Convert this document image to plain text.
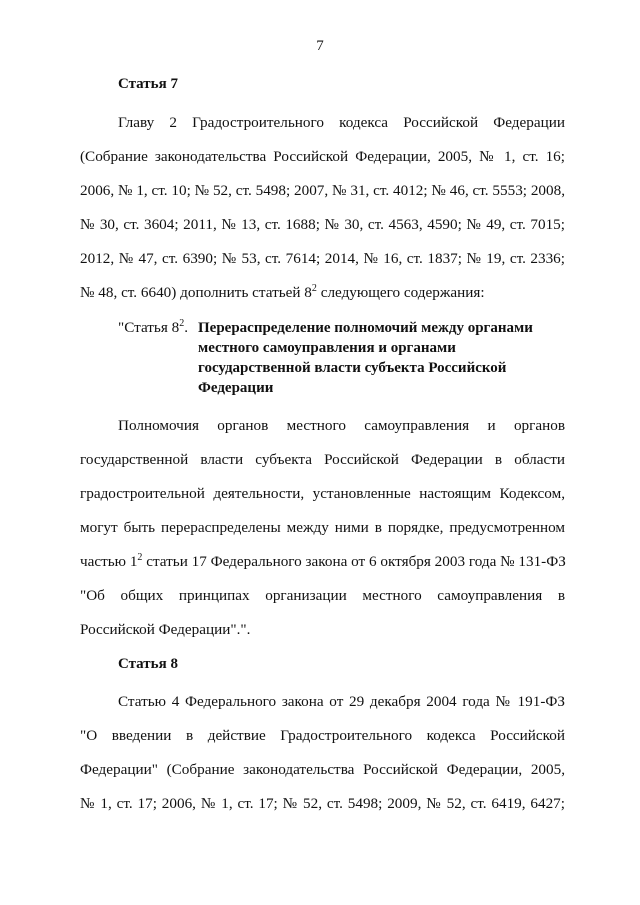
7
Статья 7
Главу 2 Градостроительного кодекса Российской Федерации
(Собрание законодательства Российской Федерации, 2005, № 1, ст. 16;
2006, № 1, ст. 10; № 52, ст. 5498; 2007, № 31, ст. 4012; № 46, ст. 5553; 2008,
№ 30, ст. 3604; 2011, № 13, ст. 1688; № 30, ст. 4563, 4590; № 49, ст. 7015;
2012, № 47, ст. 6390; № 53, ст. 7614; 2014, № 16, ст. 1837; № 19, ст. 2336;
№ 48, ст. 6640) дополнить статьей $8^2$ следующего содержания:
"Статья $8^2$. Перераспределение полномочий между органами
местного самоуправления и органами
государственной власти субъекта Российской
Федерации
Полномочия органов местного самоуправления и органов
государственной власти субъекта Российской Федерации в области
градостроительной деятельности, установленные настоящим Кодексом,
могут быть перераспределены между ними в порядке, предусмотренном
частью $1^2$ статьи 17 Федерального закона от 6 октября 2003 года № 131-ФЗ
"Об общих принципах организации местного самоуправления в
Российской Федерации".".
Статья 8
Статью 4 Федерального закона от 29 декабря 2004 года № 191-ФЗ
"О введении в действие Градостроительного кодекса Российской
Федерации" (Собрание законодательства Российской Федерации, 2005,
№ 1, ст. 17; 2006, № 1, ст. 17; № 52, ст. 5498; 2009, № 52, ст. 6419, 6427;
